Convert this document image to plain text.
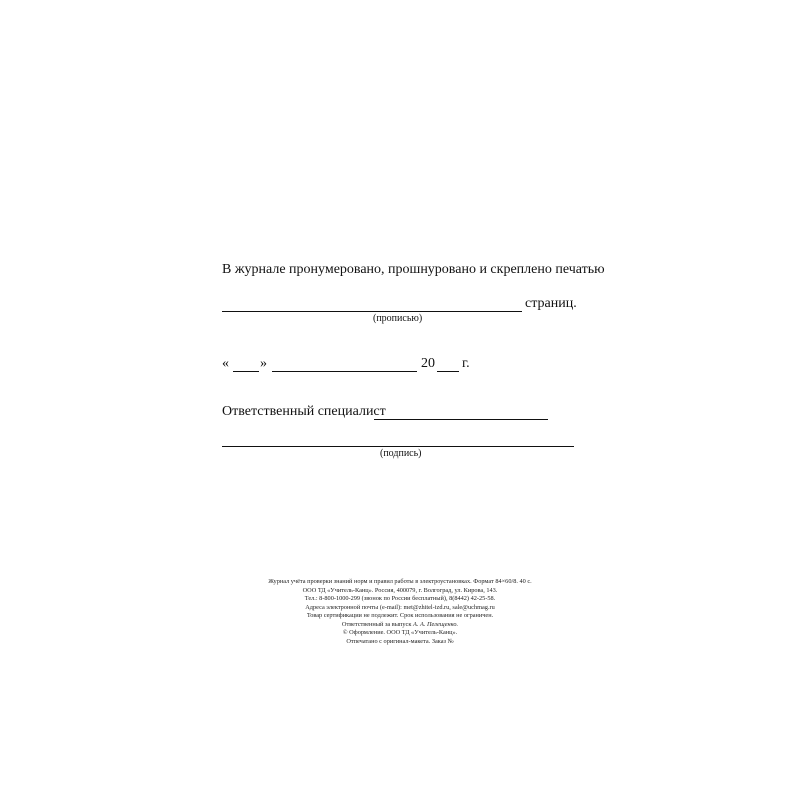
В журнале пронумеровано, прошнуровано и скреплено печатью
страниц.
(прописью)
« »	20 г.
Ответственный специалист
(подпись)
Журнал учёта проверки знаний норм и правил работы в электроустановках. Формат 84×60/8. 40 с.
ООО ТД «Учитель-Канц». Россия, 400079, г. Волгоград, ул. Кирова, 143.
Тел.: 8-800-1000-299 (звонок по России бесплатный), 8(8442) 42-25-58.
Адреса электронной почты (e-mail): met@zhitel-izd.ru, sale@uchmag.ru
Товар сертификации не подлежит. Срок использования не ограничен.
Ответственный за выпуск А. А. Пелещенко.
© Оформление. ООО ТД «Учитель-Канц».
Отпечатано с оригинал-макета. Заказ №
